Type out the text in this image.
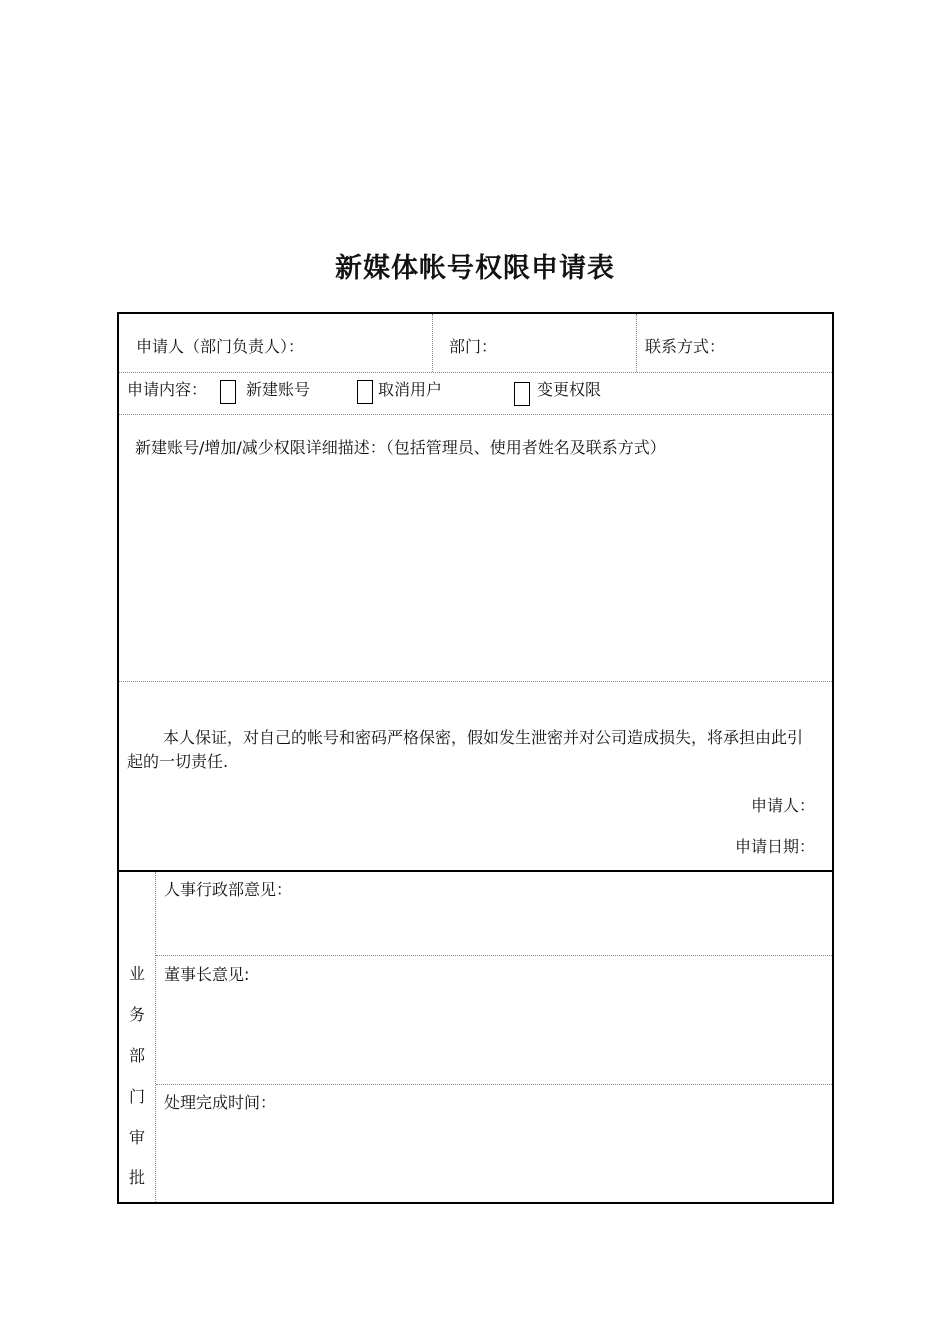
新媒体帐号权限申请表
申请人（部门负责人）：	部门：	联系方式：
申请内容： 新建账号	取消用户	变更权限
新建账号/增加/减少权限详细描述：（包括管理员、使用者姓名及联系方式）
本人保证，对自己的帐号和密码严格保密，假如发生泄密并对公司造成损失，将承担由此引起的一切责任.
申请人：
申请日期：
业
务
部
门
审
批
人事行政部意见：
董事长意见:
处理完成时间：
